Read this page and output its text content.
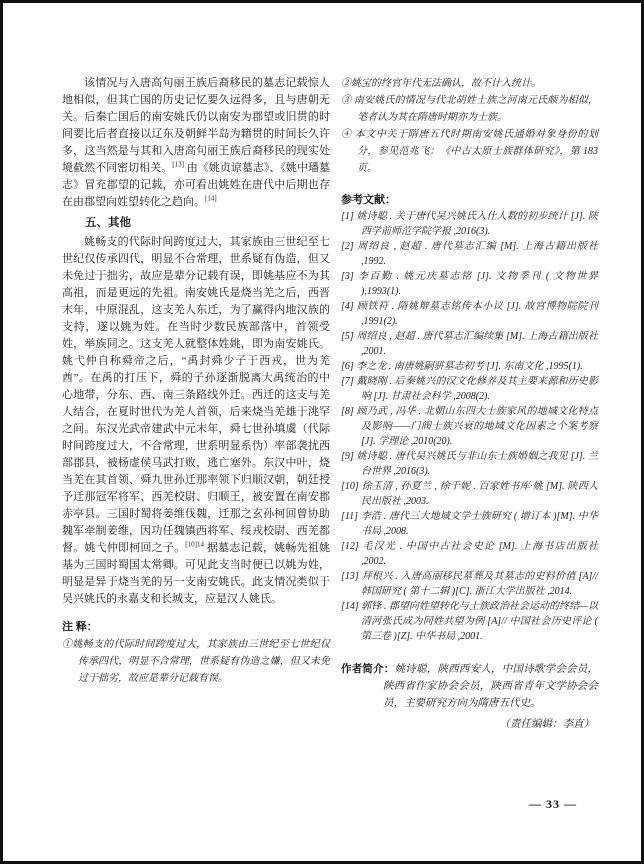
该情况与入唐高句丽王族后裔移民的墓志记载惊人地相似，但其亡国的历史记忆要久远得多，且与唐朝无关。后秦亡国后的南安姚氏仍以南安为郡望或旧贯的时间要比后者直接以辽东及朝鲜半岛为籍贯的时间长久许多，这当然是与其和入唐高句丽王族后裔移民的现实处境截然不同密切相关。[13] 由《姚贞谅墓志》、《姚中璠墓志》冒充郡望的记载，亦可看出姚姓在唐代中后期也存在由郡望向姓望转化之趋向。[14]

五、其他

姚畅支的代际时间跨度过大，其家族由三世纪至七世纪仅传承四代，明显不合常理，世系疑有伪造，但又未免过于拙劣，故应是辈分记载有误，即姚基应不为其高祖，而是更远的先祖。南安姚氏是烧当羌之后，西晋末年，中原混乱，这支羌人东迁，为了赢得内地汉族的支持，遂以姚为姓。在当时少数民族部落中，首领受姓，举族同之。这支羌人就整体姓姚，即为南安姚氏。姚弋仲自称舜帝之后，“禹封舜少子于西戎，世为羌酋”。在禹的打压下，舜的子孙逐渐脱离大禹统治的中心地带，分东、西、南三条路线外迁。西迁的这支与羌人结合，在夏时世代为羌人首领，后来烧当羌雄于洮罕之间。东汉光武帝建武中元末年，舜七世孙填虞（代际时间跨度过大，不合常理，世系明显系伪）率部袭扰西部郡县，被杨虚侯马武打败，逃亡塞外。东汉中叶，烧当羌在其首领、舜九世孙迁那率领下归顺汉朝，朝廷授予迁那冠军将军、西羌校尉、归顺王，被安置在南安郡赤亭县。三国时蜀将姜维伐魏，迁那之玄孙柯回曾协助魏军牵制姜维，因功任魏镇西将军、绥戎校尉、西羌都督。姚弋仲即柯回之子。$^{[10]14}$ 据墓志记载，姚畅先祖姚基为三国时蜀国太常卿。可见此支当时便已以姚为姓，明显是异于烧当羌的另一支南安姚氏。此支情况类似于吴兴姚氏的永嘉支和长城支，应是汉人姚氏。

注 释：

①姚畅支的代际时间跨度过大，其家族由三世纪至七世纪仅传承四代，明显不合常理，世系疑有伪造之嫌，但又未免过于拙劣，故应是辈分记载有误。

②姚宝的终官年代无法确认，故不计入统计。

③ 南安姚氏的情况与代北胡姓士族之河南元氏颇为相似，笔者认为其在隋唐时期亦为士族。

④ 本文中关于隋唐五代时期南安姚氏通婚对象身份的划分，参见范兆飞：《中古太原士族群体研究》，第 183 页。

参考文献：

[1] 姚诗聪 . 关于唐代吴兴姚氏入仕人数的初步统计 [J]. 陕西学前师范学院学报 ,2016(3).

[2] 周绍良 , 赵超 . 唐代墓志汇编 [M]. 上海古籍出版社 ,1992.

[3] 李百勤 . 姚元庆墓志铭 [J]. 文物季刊 ( 文物世界 ),1993(1).

[4] 顾铁符 . 隋姚辩墓志铭传本小议 [J]. 故宫博物院院刊 ,1991(2).

[5] 周绍良 , 赵超 . 唐代墓志汇编续集 [M]. 上海古籍出版社 ,2001.

[6] 李之龙 . 南唐姚嗣骈墓志初考 [J]. 东南文化 ,1995(1).

[7] 戴晓刚 . 后秦姚兴的汉文化修养及其主要来源和历史影响 [J]. 甘肃社会科学 ,2008(2).

[8] 顾乃武 , 冯华 . 北朝山东四大士族家风的地域文化特点及影响——门阀士族兴衰的地域文化因素之个案考察 [J]. 学理论 ,2010(20).

[9] 姚诗聪 . 唐代吴兴姚氏与非山东士族婚姻之我见 [J]. 兰台世界 ,2016(3).

[10] 徐玉清 , 孙夏兰 , 徐千妮 . 百家姓书库·姚 [M]. 陕西人民出版社 ,2003.

[11] 李浩 . 唐代三大地域文学士族研究 ( 增订本 )[M]. 中华书局 ,2008.

[12] 毛汉光 . 中国中古社会史论 [M]. 上海书店出版社 ,2002.

[13] 拜根兴 . 入唐高丽移民墓葬及其墓志的史料价值 [A]// 韩国研究 ( 第十二辑 )[C]. 浙江大学出版社 ,2014.

[14] 郭锋 . 郡望向姓望转化与士族政治社会运动的终结—以清河张氏成为同姓共望为例 [A]// 中国社会历史评论 ( 第三卷 )[Z]. 中华书局 ,2001.

作者简介：姚诗聪，陕西西安人，中国诗歌学会会员，陕西省作家协会会员，陕西省青年文学协会会员，主要研究方向为隋唐五代史。
（责任编辑：李直）
— 33 —
